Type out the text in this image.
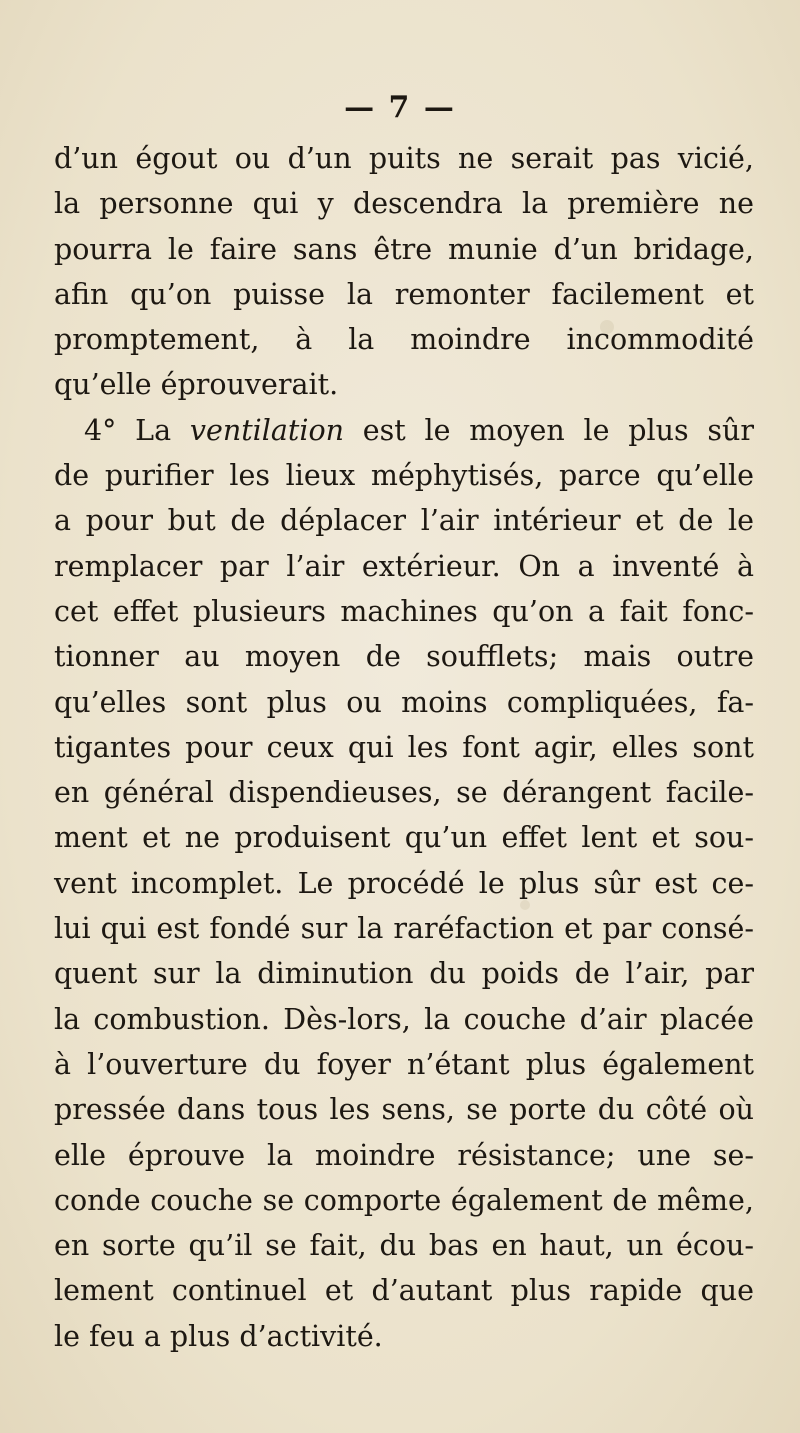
— 7 —
d’un égout ou d’un puits ne serait pas vicié,
la personne qui y descendra la première ne
pourra le faire sans être munie d’un bridage,
afin qu’on puisse la remonter facilement et
promptement, à la moindre incommodité
qu’elle éprouverait.
4° La ventilation est le moyen le plus sûr
de purifier les lieux méphytisés, parce qu’elle
a pour but de déplacer l’air intérieur et de le
remplacer par l’air extérieur. On a inventé à
cet effet plusieurs machines qu’on a fait fonc-
tionner au moyen de soufflets; mais outre
qu’elles sont plus ou moins compliquées, fa-
tigantes pour ceux qui les font agir, elles sont
en général dispendieuses, se dérangent facile-
ment et ne produisent qu’un effet lent et sou-
vent incomplet. Le procédé le plus sûr est ce-
lui qui est fondé sur la raréfaction et par consé-
quent sur la diminution du poids de l’air, par
la combustion. Dès-lors, la couche d’air placée
à l’ouverture du foyer n’étant plus également
pressée dans tous les sens, se porte du côté où
elle éprouve la moindre résistance; une se-
conde couche se comporte également de même,
en sorte qu’il se fait, du bas en haut, un écou-
lement continuel et d’autant plus rapide que
le feu a plus d’activité.
